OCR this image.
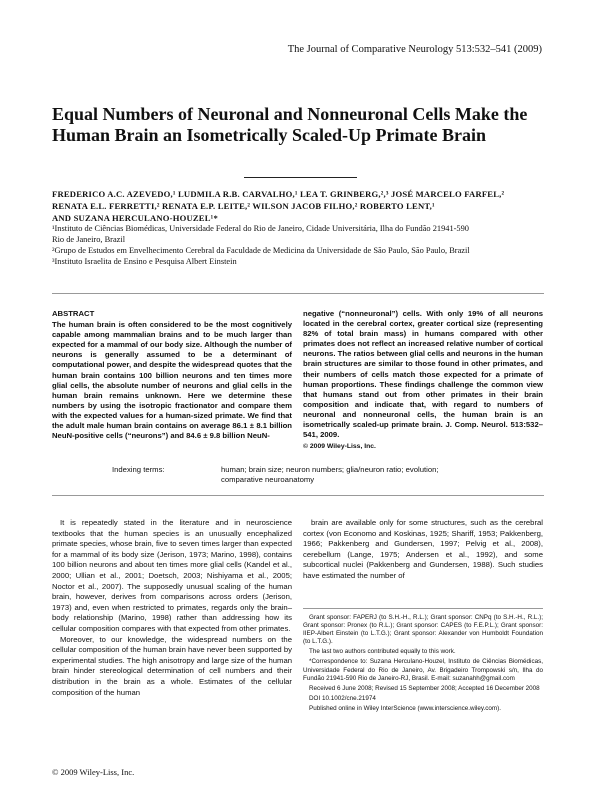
The Journal of Comparative Neurology 513:532–541 (2009)
Equal Numbers of Neuronal and Nonneuronal Cells Make the Human Brain an Isometrically Scaled-Up Primate Brain
FREDERICO A.C. AZEVEDO,¹ LUDMILA R.B. CARVALHO,¹ LEA T. GRINBERG,²,³ JOSÉ MARCELO FARFEL,²
RENATA E.L. FERRETTI,² RENATA E.P. LEITE,² WILSON JACOB FILHO,² ROBERTO LENT,¹
AND SUZANA HERCULANO-HOUZEL¹*
¹Instituto de Ciências Biomédicas, Universidade Federal do Rio de Janeiro, Cidade Universitária, Ilha do Fundão 21941-590
Rio de Janeiro, Brazil
²Grupo de Estudos em Envelhecimento Cerebral da Faculdade de Medicina da Universidade de São Paulo, São Paulo, Brazil
³Instituto Israelita de Ensino e Pesquisa Albert Einstein
ABSTRACT
The human brain is often considered to be the most cognitively capable among mammalian brains and to be much larger than expected for a mammal of our body size. Although the number of neurons is generally assumed to be a determinant of computational power, and despite the widespread quotes that the human brain contains 100 billion neurons and ten times more glial cells, the absolute number of neurons and glial cells in the human brain remains unknown. Here we determine these numbers by using the isotropic fractionator and compare them with the expected values for a human-sized primate. We find that the adult male human brain contains on average 86.1 ± 8.1 billion NeuN-positive cells (“neurons”) and 84.6 ± 9.8 billion NeuN-
negative (“nonneuronal”) cells. With only 19% of all neurons located in the cerebral cortex, greater cortical size (representing 82% of total brain mass) in humans compared with other primates does not reflect an increased relative number of cortical neurons. The ratios between glial cells and neurons in the human brain structures are similar to those found in other primates, and their numbers of cells match those expected for a primate of human proportions. These findings challenge the common view that humans stand out from other primates in their brain composition and indicate that, with regard to numbers of neuronal and nonneuronal cells, the human brain is an isometrically scaled-up primate brain. J. Comp. Neurol. 513:532–541, 2009.
© 2009 Wiley-Liss, Inc.
Indexing terms:	human; brain size; neuron numbers; glia/neuron ratio; evolution; comparative neuroanatomy

It is repeatedly stated in the literature and in neuroscience textbooks that the human species is an unusually encephalized primate species, whose brain, five to seven times larger than expected for a mammal of its body size (Jerison, 1973; Marino, 1998), contains 100 billion neurons and about ten times more glial cells (Kandel et al., 2000; Ullian et al., 2001; Doetsch, 2003; Nishiyama et al., 2005; Noctor et al., 2007). The supposedly unusual scaling of the human brain, however, derives from comparisons across orders (Jerison, 1973) and, even when restricted to primates, regards only the brain–body relationship (Marino, 1998) rather than addressing how its cellular composition compares with that expected from other primates.

Moreover, to our knowledge, the widespread numbers on the cellular composition of the human brain have never been supported by experimental studies. The high anisotropy and large size of the human brain hinder stereological determination of cell numbers and their distribution in the brain as a whole. Estimates of the cellular composition of the human

brain are available only for some structures, such as the cerebral cortex (von Economo and Koskinas, 1925; Shariff, 1953; Pakkenberg, 1966; Pakkenberg and Gundersen, 1997; Pelvig et al., 2008), cerebellum (Lange, 1975; Andersen et al., 1992), and some subcortical nuclei (Pakkenberg and Gundersen, 1988). Such studies have estimated the number of

Grant sponsor: FAPERJ (to S.H.-H., R.L.); Grant sponsor: CNPq (to S.H.-H., R.L.); Grant sponsor: Pronex (to R.L.); Grant sponsor: CAPES (to F.E.P.L.); Grant sponsor: IIEP-Albert Einstein (to L.T.G.); Grant sponsor: Alexander von Humboldt Foundation (to L.T.G.).

The last two authors contributed equally to this work.

*Correspondence to: Suzana Herculano-Houzel, Instituto de Ciências Biomédicas, Universidade Federal do Rio de Janeiro, Av. Brigadeiro Trompowski s/n, Ilha do Fundão 21941-590 Rio de Janeiro-RJ, Brasil. E-mail: suzanahh@gmail.com

Received 6 June 2008; Revised 15 September 2008; Accepted 16 December 2008

DOI 10.1002/cne.21974

Published online in Wiley InterScience (www.interscience.wiley.com).

© 2009 Wiley-Liss, Inc.
